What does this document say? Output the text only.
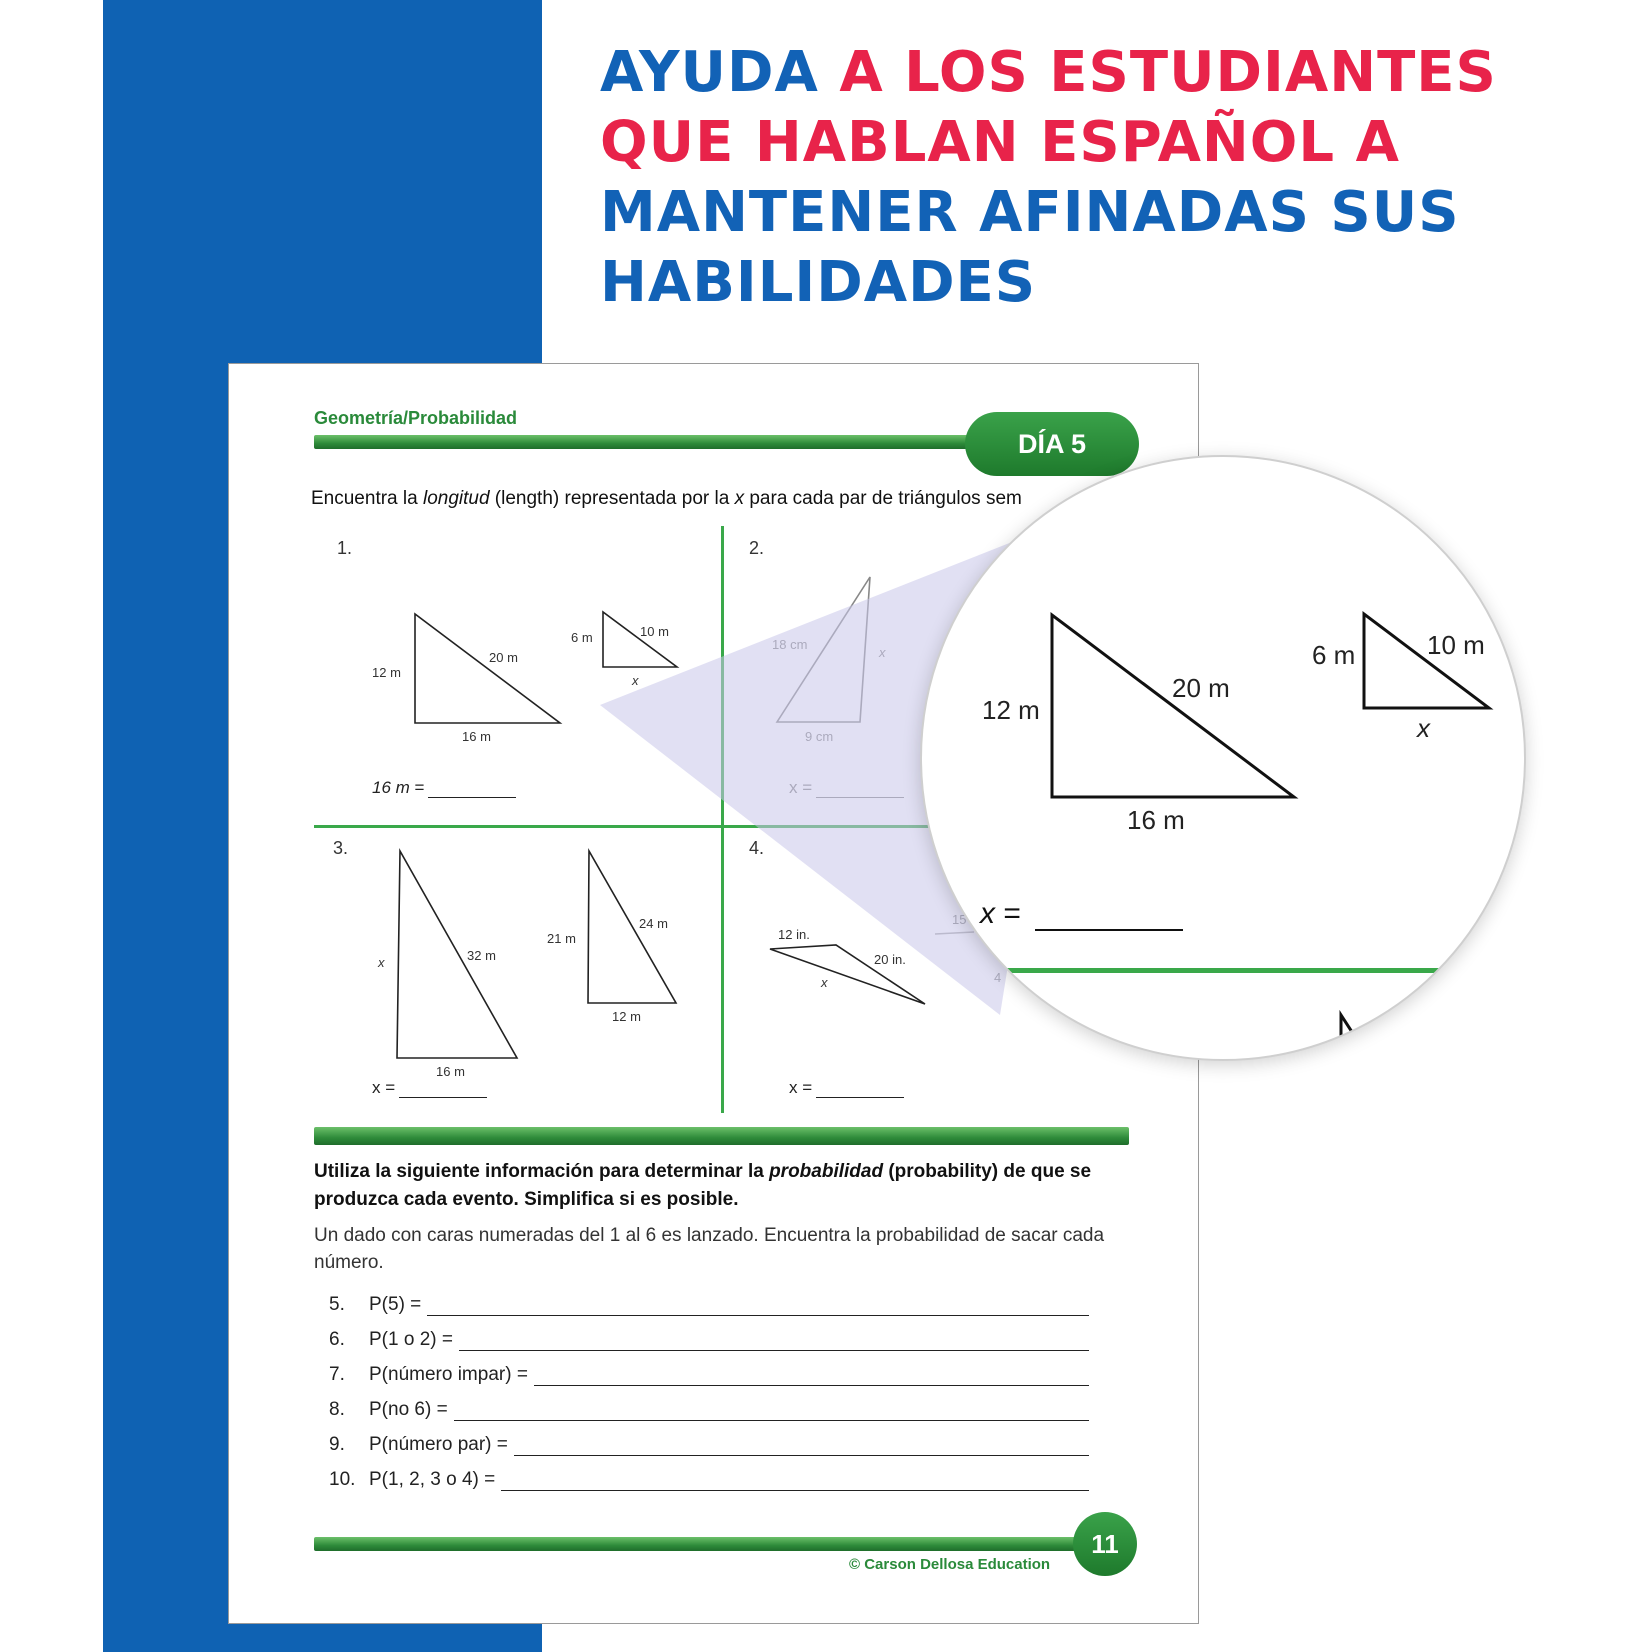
AYUDA A LOS ESTUDIANTES
QUE HABLAN ESPAÑOL A
MANTENER AFINADAS SUS
HABILIDADES
Geometría/Probabilidad
DÍA 5
Encuentra la longitud (length) representada por la x para cada par de triángulos sem
1.	2.
3.	4.
12 m
20 m
16 m
6 m	10 m
x
x	32 m
16 m
21 m
24 m
12 m
12 in.
20 in.
x
16 m =
x =	x =
Utiliza la siguiente información para determinar la probabilidad (probability) de que se produzca cada evento. Simplifica si es posible.
Un dado con caras numeradas del 1 al 6 es lanzado. Encuentra la probabilidad de sacar cada número.
5.	P(5) =
6.	P(1 o 2) =
7.	P(número impar) =
8.	P(no 6) =
9.	P(número par) =
10. P(1, 2, 3 o 4) =
© Carson Dellosa Education
11
12 m
20 m
16 m
6 m	10 m
x
x =
